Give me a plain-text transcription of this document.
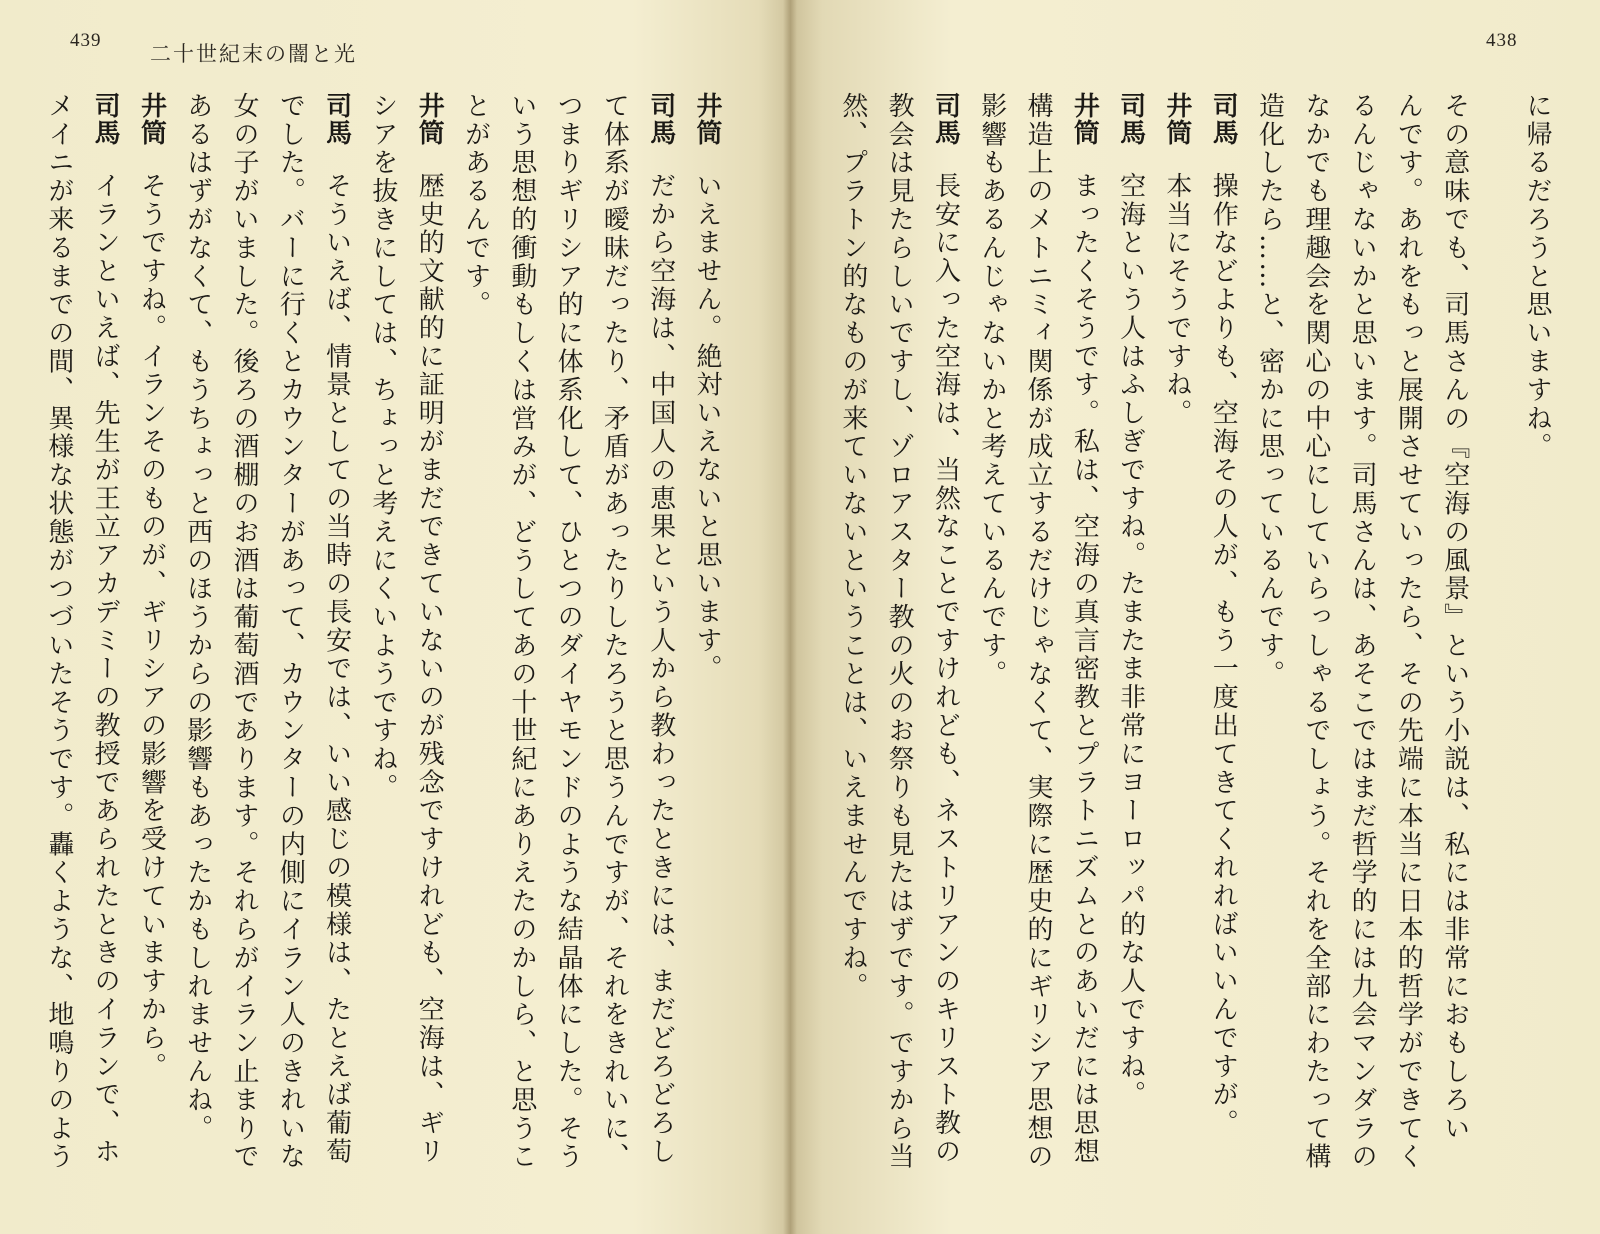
439
二十世紀末の闇と光

井筒いえません。絶対いえないと思います。

司馬だから空海は、中国人の恵果という人から教わったときには、まだどろどろし

て体系が曖昧だったり、矛盾があったりしたろうと思うんですが、それをきれいに、

つまりギリシア的に体系化して、ひとつのダイヤモンドのような結晶体にした。そう

いう思想的衝動もしくは営みが、どうしてあの十世紀にありえたのかしら、と思うこ

とがあるんです。

井筒歴史的文献的に証明がまだできていないのが残念ですけれども、空海は、ギリ

シアを抜きにしては、ちょっと考えにくいようですね。

司馬そういえば、情景としての当時の長安では、いい感じの模様は、たとえば葡萄

でした。バーに行くとカウンターがあって、カウンターの内側にイラン人のきれいな

女の子がいました。後ろの酒棚のお酒は葡萄酒であります。それらがイラン止まりで

あるはずがなくて、もうちょっと西のほうからの影響もあったかもしれませんね。

井筒そうですね。イランそのものが、ギリシアの影響を受けていますから。

司馬イランといえば、先生が王立アカデミーの教授であられたときのイランで、ホ

メイニが来るまでの間、異様な状態がつづいたそうです。轟くような、地鳴りのよう

438

に帰るだろうと思いますね。

その意味でも、司馬さんの『空海の風景』という小説は、私には非常におもしろい

んです。あれをもっと展開させていったら、その先端に本当に日本的哲学ができてく

るんじゃないかと思います。司馬さんは、あそこではまだ哲学的には九会マンダラの

なかでも理趣会を関心の中心にしていらっしゃるでしょう。それを全部にわたって構

造化したら……と、密かに思っているんです。

司馬操作などよりも、空海その人が、もう一度出てきてくれればいいんですが。

井筒本当にそうですね。

司馬空海という人はふしぎですね。たまたま非常にヨーロッパ的な人ですね。

井筒まったくそうです。私は、空海の真言密教とプラトニズムとのあいだには思想

構造上のメトニミィ関係が成立するだけじゃなくて、実際に歴史的にギリシア思想の

影響もあるんじゃないかと考えているんです。

司馬長安に入った空海は、当然なことですけれども、ネストリアンのキリスト教の

教会は見たらしいですし、ゾロアスター教の火のお祭りも見たはずです。ですから当

然、プラトン的なものが来ていないということは、いえませんですね。
